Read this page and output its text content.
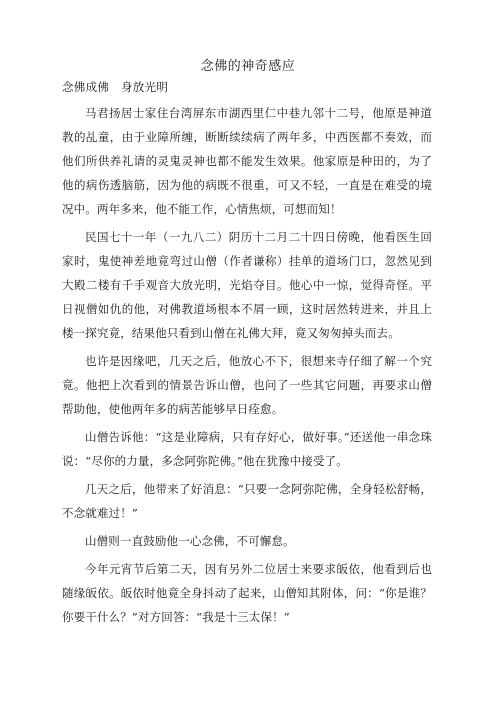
念佛的神奇感应
念佛成佛　身放光明

马君扬居士家住台湾屏东市湖西里仁中巷九邻十二号，他原是神道教的乩童，由于业障所缠，断断续续病了两年多，中西医都不奏效，而他们所供养礼请的灵鬼灵神也都不能发生效果。他家原是种田的，为了他的病伤透脑筋，因为他的病既不很重，可又不轻，一直是在难受的境况中。两年多来，他不能工作，心情焦烦，可想而知！

民国七十一年（一九八二）阴历十二月二十四日傍晚，他看医生回家时，鬼使神差地竟弯过山僧（作者谦称）挂单的道场门口，忽然见到大殿二楼有千手观音大放光明，光焰夺目。他心中一惊，觉得奇怪。平日视僧如仇的他，对佛教道场根本不屑一顾，这时居然转进来，并且上楼一探究竟，结果他只看到山僧在礼佛大拜，竟又匆匆掉头而去。

也许是因缘吧，几天之后，他放心不下，很想来寺仔细了解一个究竟。他把上次看到的情景告诉山僧，也问了一些其它问题，再要求山僧帮助他，使他两年多的病苦能够早日痊愈。

山僧告诉他：“这是业障病，只有存好心，做好事。”还送他一串念珠说：“尽你的力量，多念阿弥陀佛。”他在犹豫中接受了。

几天之后，他带来了好消息：“只要一念阿弥陀佛，全身轻松舒畅，不念就难过！”

山僧则一直鼓励他一心念佛，不可懈怠。

今年元宵节后第二天，因有另外二位居士来要求皈依，他看到后也随缘皈依。皈依时他竟全身抖动了起来，山僧知其附体，问：“你是谁？你要干什么？”对方回答：“我是十三太保！”
